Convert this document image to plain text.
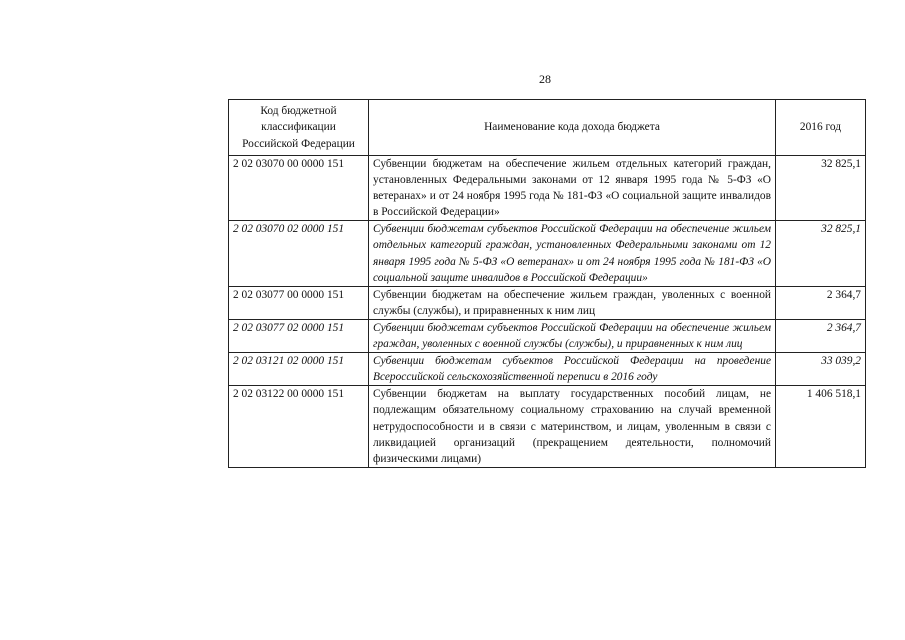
28
Код бюджетной классификации Российской Федерации	Наименование кода дохода бюджета	2016 год
2 02 03070 00 0000 151	Субвенции бюджетам на обеспечение жильем отдельных категорий граждан, установленных Федеральными законами от 12 января 1995 года № 5-ФЗ «О ветеранах» и от 24 ноября 1995 года № 181-ФЗ «О социальной защите инвалидов в Российской Федерации»	32 825,1
2 02 03070 02 0000 151	Субвенции бюджетам субъектов Российской Федерации на обеспечение жильем отдельных категорий граждан, установленных Федеральными законами от 12 января 1995 года № 5-ФЗ «О ветеранах» и от 24 ноября 1995 года № 181-ФЗ «О социальной защите инвалидов в Российской Федерации»	32 825,1
2 02 03077 00 0000 151	Субвенции бюджетам на обеспечение жильем граждан, уволенных с военной службы (службы), и приравненных к ним лиц	2 364,7
2 02 03077 02 0000 151	Субвенции бюджетам субъектов Российской Федерации на обеспечение жильем граждан, уволенных с военной службы (службы), и приравненных к ним лиц	2 364,7
2 02 03121 02 0000 151	Субвенции бюджетам субъектов Российской Федерации на проведение Всероссийской сельскохозяйственной переписи в 2016 году	33 039,2
2 02 03122 00 0000 151	Субвенции бюджетам на выплату государственных пособий лицам, не подлежащим обязательному социальному страхованию на случай временной нетрудоспособности и в связи с материнством, и лицам, уволенным в связи с ликвидацией организаций (прекращением деятельности, полномочий физическими лицами)	1 406 518,1
